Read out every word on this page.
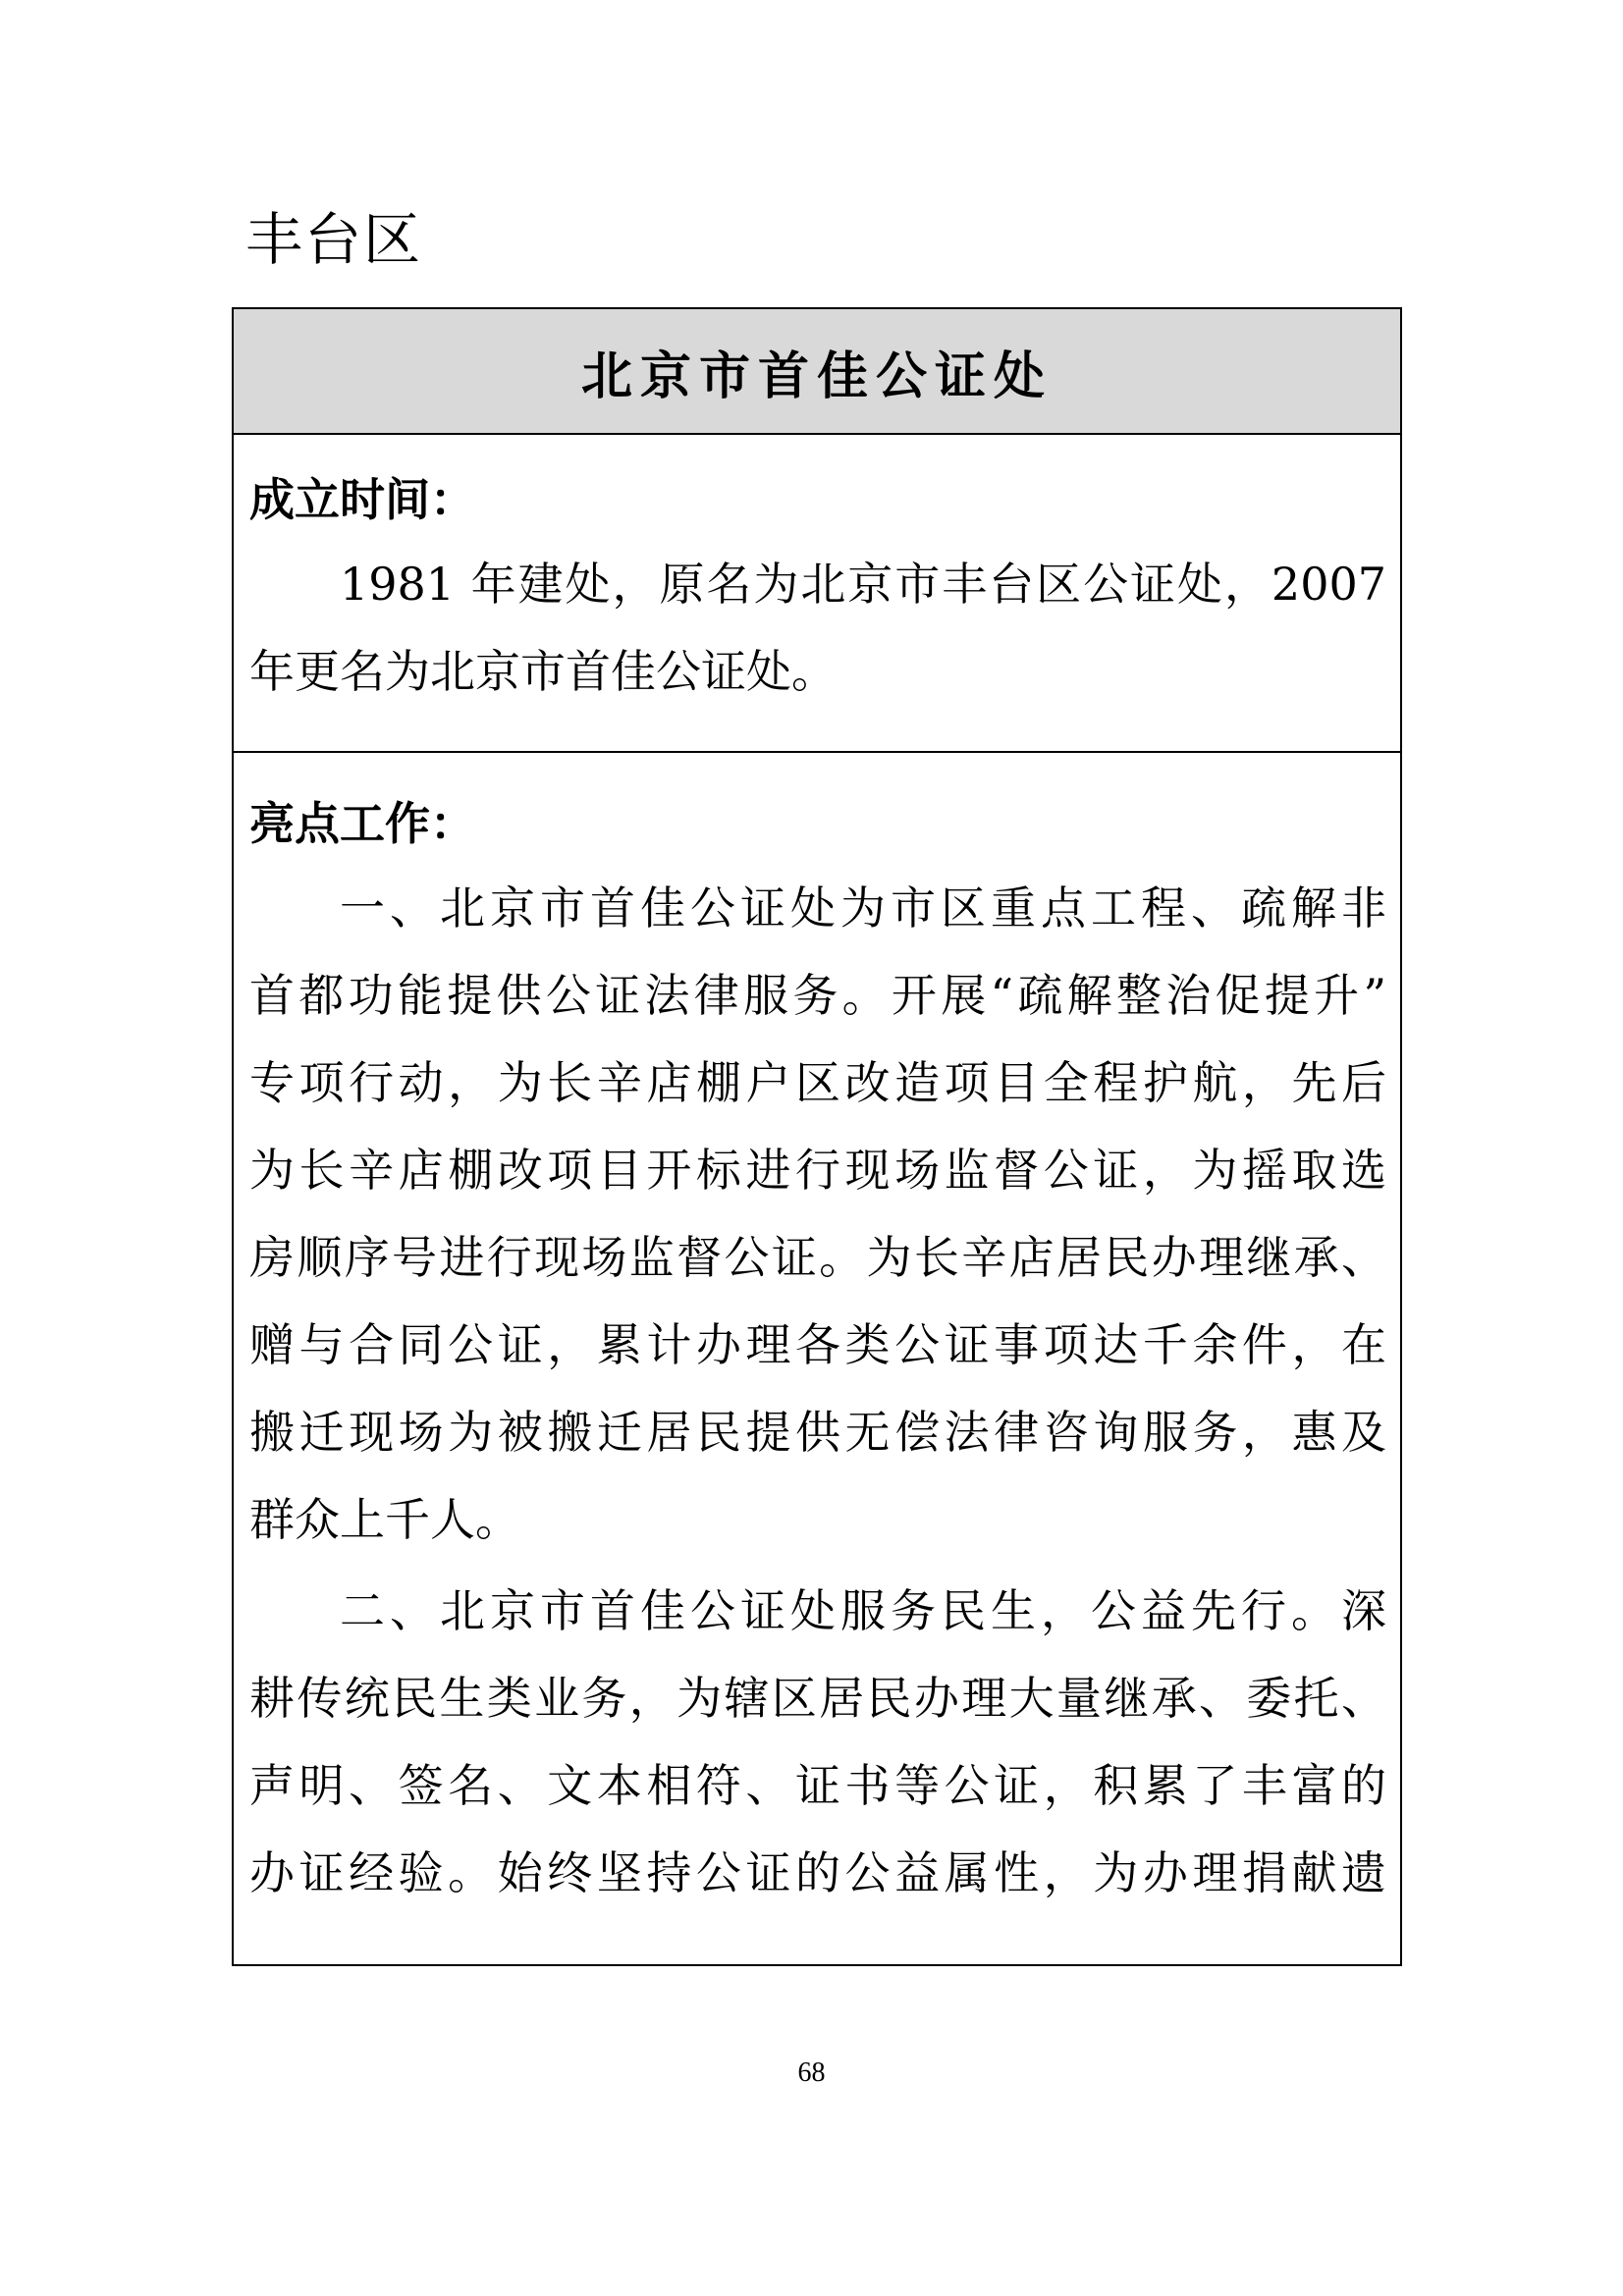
丰台区
北京市首佳公证处
成立时间：

1981 年建处，原名为北京市丰台区公证处，2007
年更名为北京市首佳公证处。

亮点工作：

一、北京市首佳公证处为市区重点工程、疏解非
首都功能提供公证法律服务。开展“疏解整治促提升”
专项行动，为长辛店棚户区改造项目全程护航，先后
为长辛店棚改项目开标进行现场监督公证，为摇取选
房顺序号进行现场监督公证。为长辛店居民办理继承、
赠与合同公证，累计办理各类公证事项达千余件，在
搬迁现场为被搬迁居民提供无偿法律咨询服务，惠及
群众上千人。

二、北京市首佳公证处服务民生，公益先行。深
耕传统民生类业务，为辖区居民办理大量继承、委托、
声明、签名、文本相符、证书等公证，积累了丰富的
办证经验。始终坚持公证的公益属性，为办理捐献遗

68
